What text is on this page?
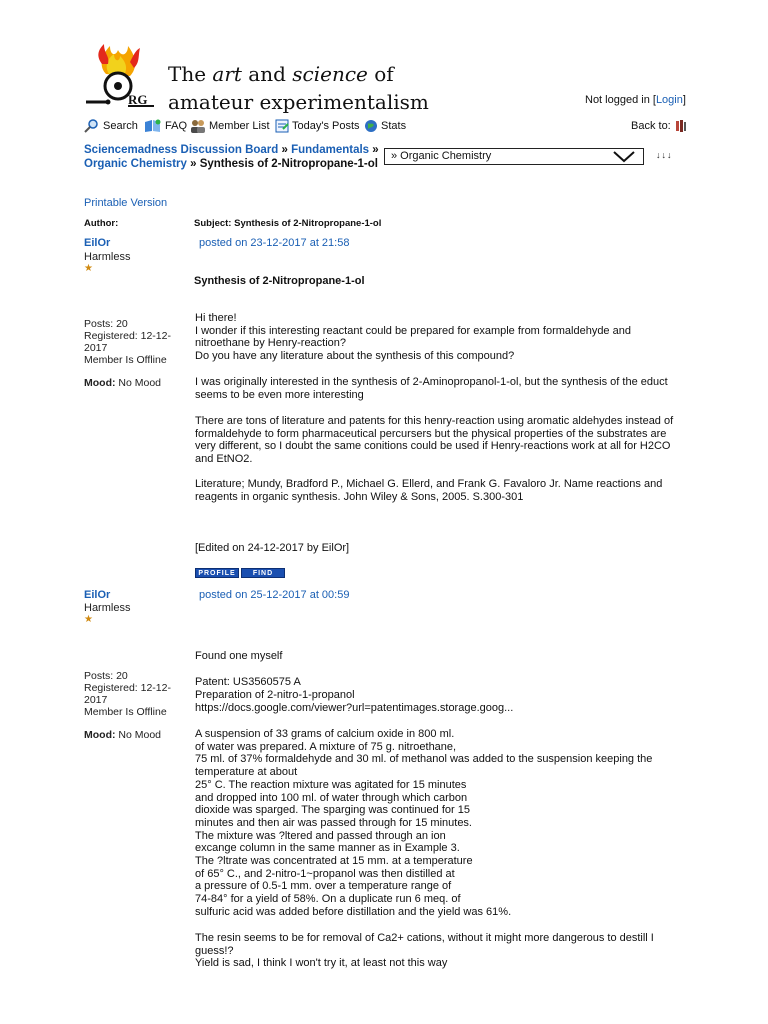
RG
The art and science of
amateur experimentalism	Not logged in [Login]
Search FAQ Member List Today's Posts Stats	Back to:
Sciencemadness Discussion Board » Fundamentals »
Organic Chemistry » Synthesis of 2-Nitropropane-1-ol
» Organic Chemistry	↓↓↓
Printable Version
Author:	Subject: Synthesis of 2-Nitropropane-1-ol
EilOr
Harmless
★
posted on 23-12-2017 at 21:58
Synthesis of 2-Nitropropane-1-ol
Posts: 20
Registered: 12-12-2017
Member Is Offline
Mood: No Mood

Hi there!
I wonder if this interesting reactant could be prepared for example from formaldehyde and nitroethane by Henry-reaction?
Do you have any literature about the synthesis of this compound?

I was originally interested in the synthesis of 2-Aminopropanol-1-ol, but the synthesis of the educt seems to be even more interesting

There are tons of literature and patents for this henry-reaction using aromatic aldehydes instead of formaldehyde to form pharmaceutical percursers but the physical properties of the substrates are very different, so I doubt the same conitions could be used if Henry-reactions work at all for H2CO and EtNO2.

Literature; Mundy, Bradford P., Michael G. Ellerd, and Frank G. Favaloro Jr. Name reactions and reagents in organic synthesis. John Wiley & Sons, 2005. S.300-301

[Edited on 24-12-2017 by EilOr]
PROFILE	FIND
EilOr
Harmless
★
posted on 25-12-2017 at 00:59
Posts: 20
Registered: 12-12-2017
Member Is Offline
Mood: No Mood
Found one myself
Patent: US3560575 A
Preparation of 2-nitro-1-propanol
https://docs.google.com/viewer?url=patentimages.storage.goog...
A suspension of 33 grams of calcium oxide in 800 ml.
of water was prepared. A mixture of 75 g. nitroethane,
75 ml. of 37% formaldehyde and 30 ml. of methanol was added to the suspension keeping the temperature at about
25° C. The reaction mixture was agitated for 15 minutes
and dropped into 100 ml. of water through which carbon
dioxide was sparged. The sparging was continued for 15
minutes and then air was passed through for 15 minutes.
The mixture was ?ltered and passed through an ion
excange column in the same manner as in Example 3.
The ?ltrate was concentrated at 15 mm. at a temperature
of 65° C., and 2-nitro-1~propanol was then distilled at
a pressure of 0.5-1 mm. over a temperature range of
74-84° for a yield of 58%. On a duplicate run 6 meq. of
sulfuric acid was added before distillation and the yield was 61%.
The resin seems to be for removal of Ca2+ cations, without it might more dangerous to destill I guess!?
Yield is sad, I think I won't try it, at least not this way
